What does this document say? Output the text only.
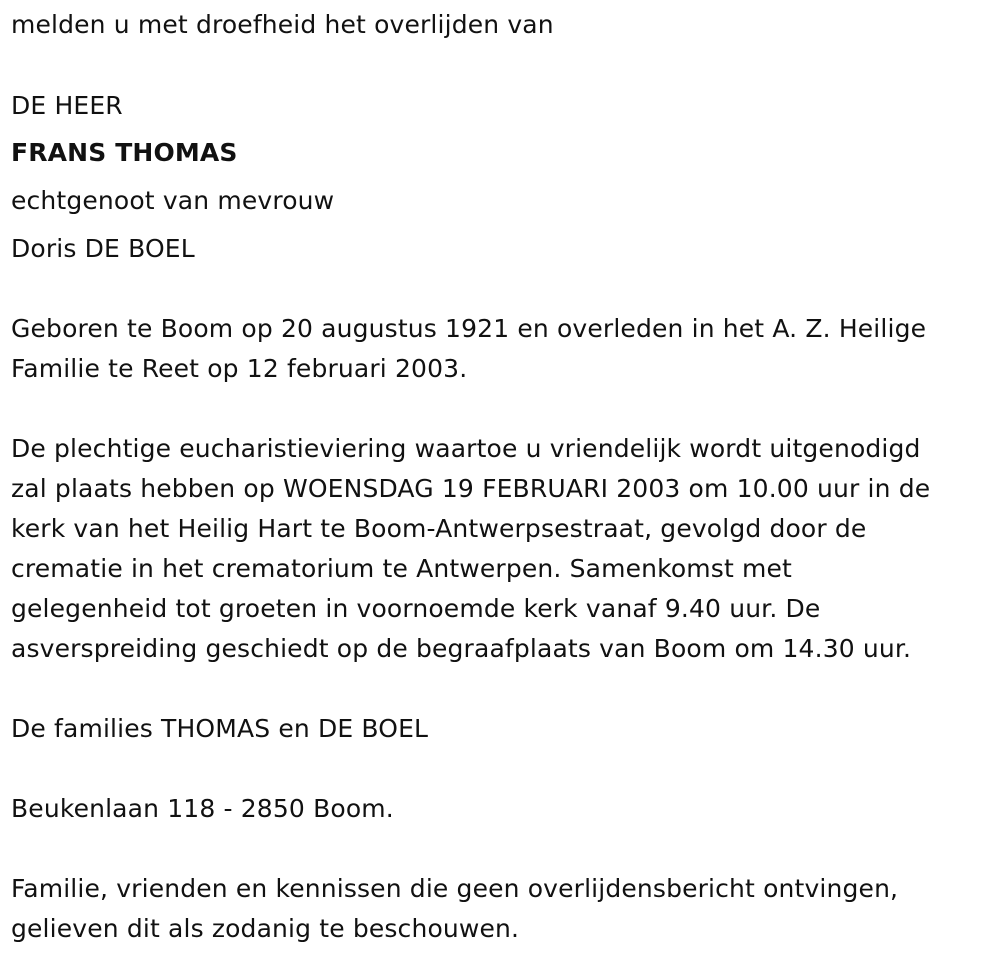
melden u met droefheid het overlijden van
DE HEER
FRANS THOMAS
echtgenoot van mevrouw
Doris DE BOEL
Geboren te Boom op 20 augustus 1921 en overleden in het A. Z. Heilige
Familie te Reet op 12 februari 2003.
De plechtige eucharistieviering waartoe u vriendelijk wordt uitgenodigd
zal plaats hebben op WOENSDAG 19 FEBRUARI 2003 om 10.00 uur in de
kerk van het Heilig Hart te Boom-Antwerpsestraat, gevolgd door de
crematie in het crematorium te Antwerpen. Samenkomst met
gelegenheid tot groeten in voornoemde kerk vanaf 9.40 uur. De
asverspreiding geschiedt op de begraafplaats van Boom om 14.30 uur.
De families THOMAS en DE BOEL
Beukenlaan 118 - 2850 Boom.
Familie, vrienden en kennissen die geen overlijdensbericht ontvingen,
gelieven dit als zodanig te beschouwen.
